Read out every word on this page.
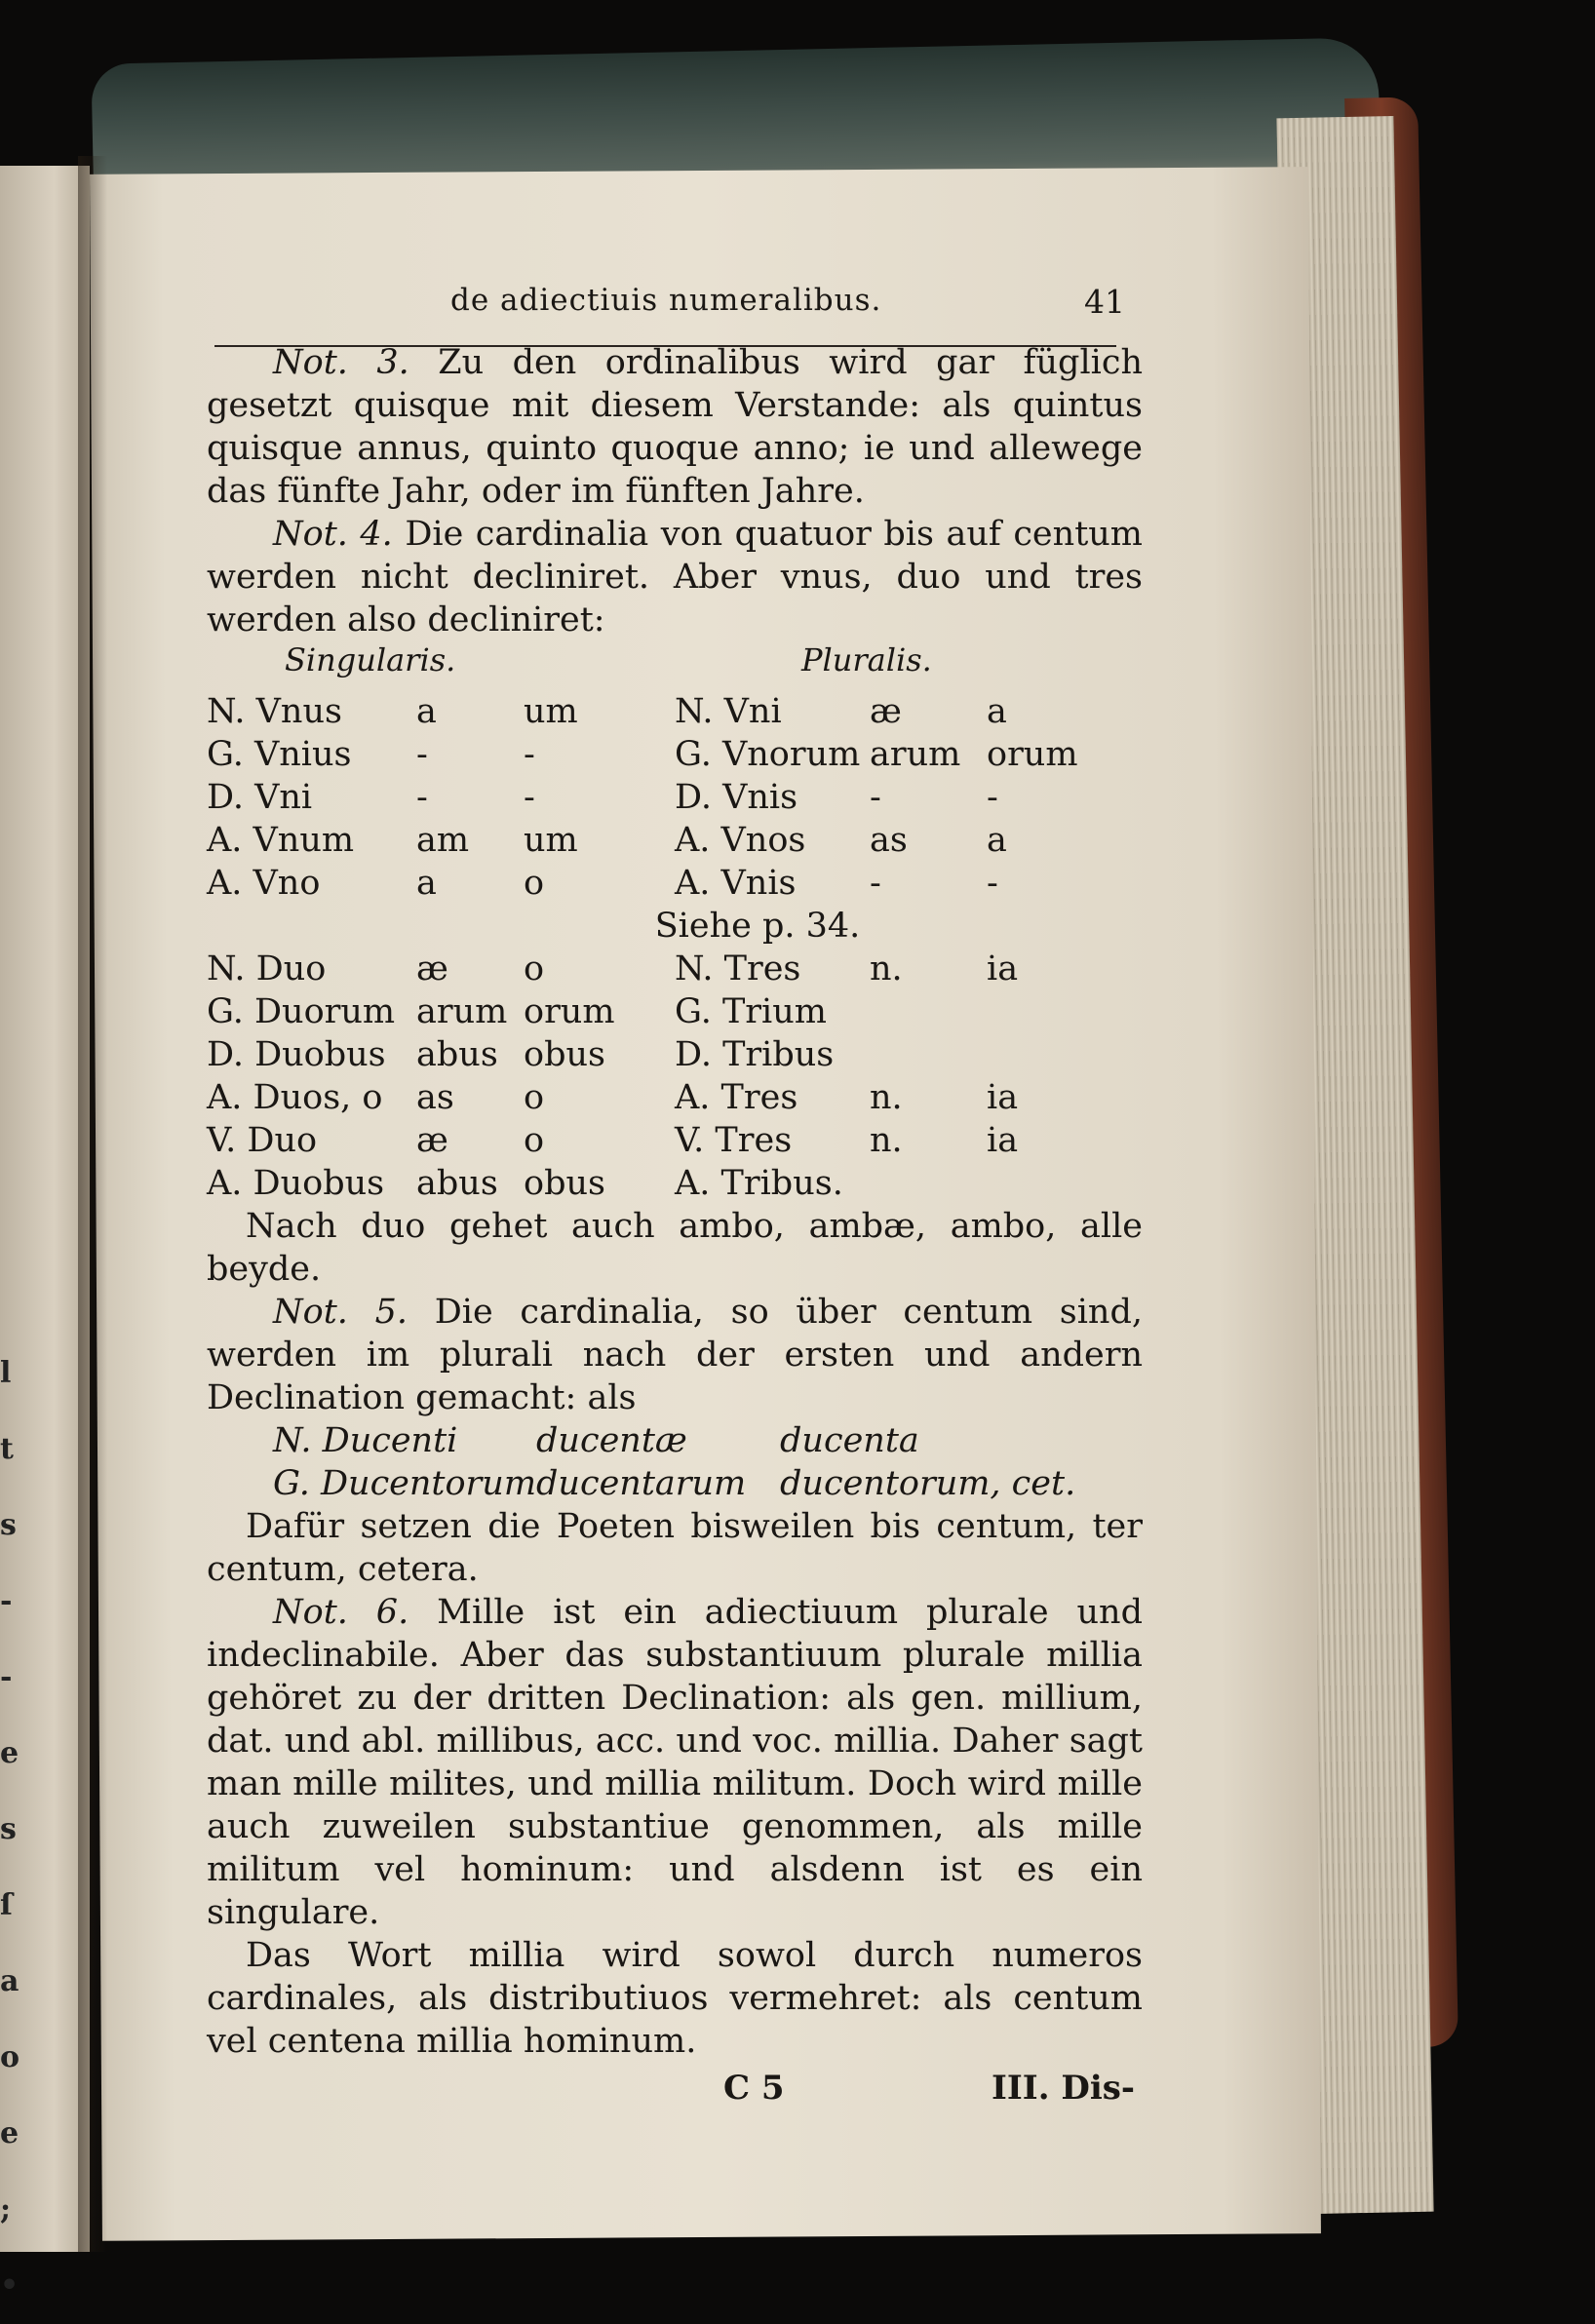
l
t
s
-
-
e
s
ſ
a
o
e
;
•
de adiectiuis numeralibus.	41

Not. 3. Zu den ordinalibus wird gar füglich gesetzt quisque mit diesem Verstande: als quintus quisque annus, quinto quoque anno; ie und allewege das fünfte Jahr, oder im fünften Jahre.

Not. 4. Die cardinalia von quatuor bis auf centum werden nicht decliniret. Aber vnus, duo und tres werden also decliniret:

Singularis.	Pluralis.
N. Vnus	a	um	N. Vni	æ	a
G. Vnius	-	-	G. Vnorum	arum	orum
D. Vni	-	-	D. Vnis	-	-
A. Vnum	am	um	A. Vnos	as	a
A. Vno	a	o	A. Vnis	-	-
Siehe p. 34.
N. Duo	æ	o	N. Tres	n.	ia
G. Duorum	arum	orum	G. Trium		
D. Duobus	abus	obus	D. Tribus		
A. Duos, o	as	o	A. Tres	n.	ia
V. Duo	æ	o	V. Tres	n.	ia
A. Duobus	abus	obus	A. Tribus.		

Nach duo gehet auch ambo, ambæ, ambo, alle beyde.

Not. 5. Die cardinalia, so über centum sind, werden im plurali nach der ersten und andern Declination gemacht: als

N. Ducenti	ducentæ	ducenta
G. Ducentorum	ducentarum	ducentorum, cet.

Dafür setzen die Poeten bisweilen bis centum, ter centum, cetera.

Not. 6. Mille ist ein adiectiuum plurale und indeclinabile. Aber das substantiuum plurale millia gehöret zu der dritten Declination: als gen. millium, dat. und abl. millibus, acc. und voc. millia. Daher sagt man mille milites, und millia militum. Doch wird mille auch zuweilen substantiue genommen, als mille militum vel hominum: und alsdenn ist es ein singulare.

Das Wort millia wird sowol durch numeros cardinales, als distributiuos vermehret: als centum vel centena millia hominum.

C 5	III. Dis-
